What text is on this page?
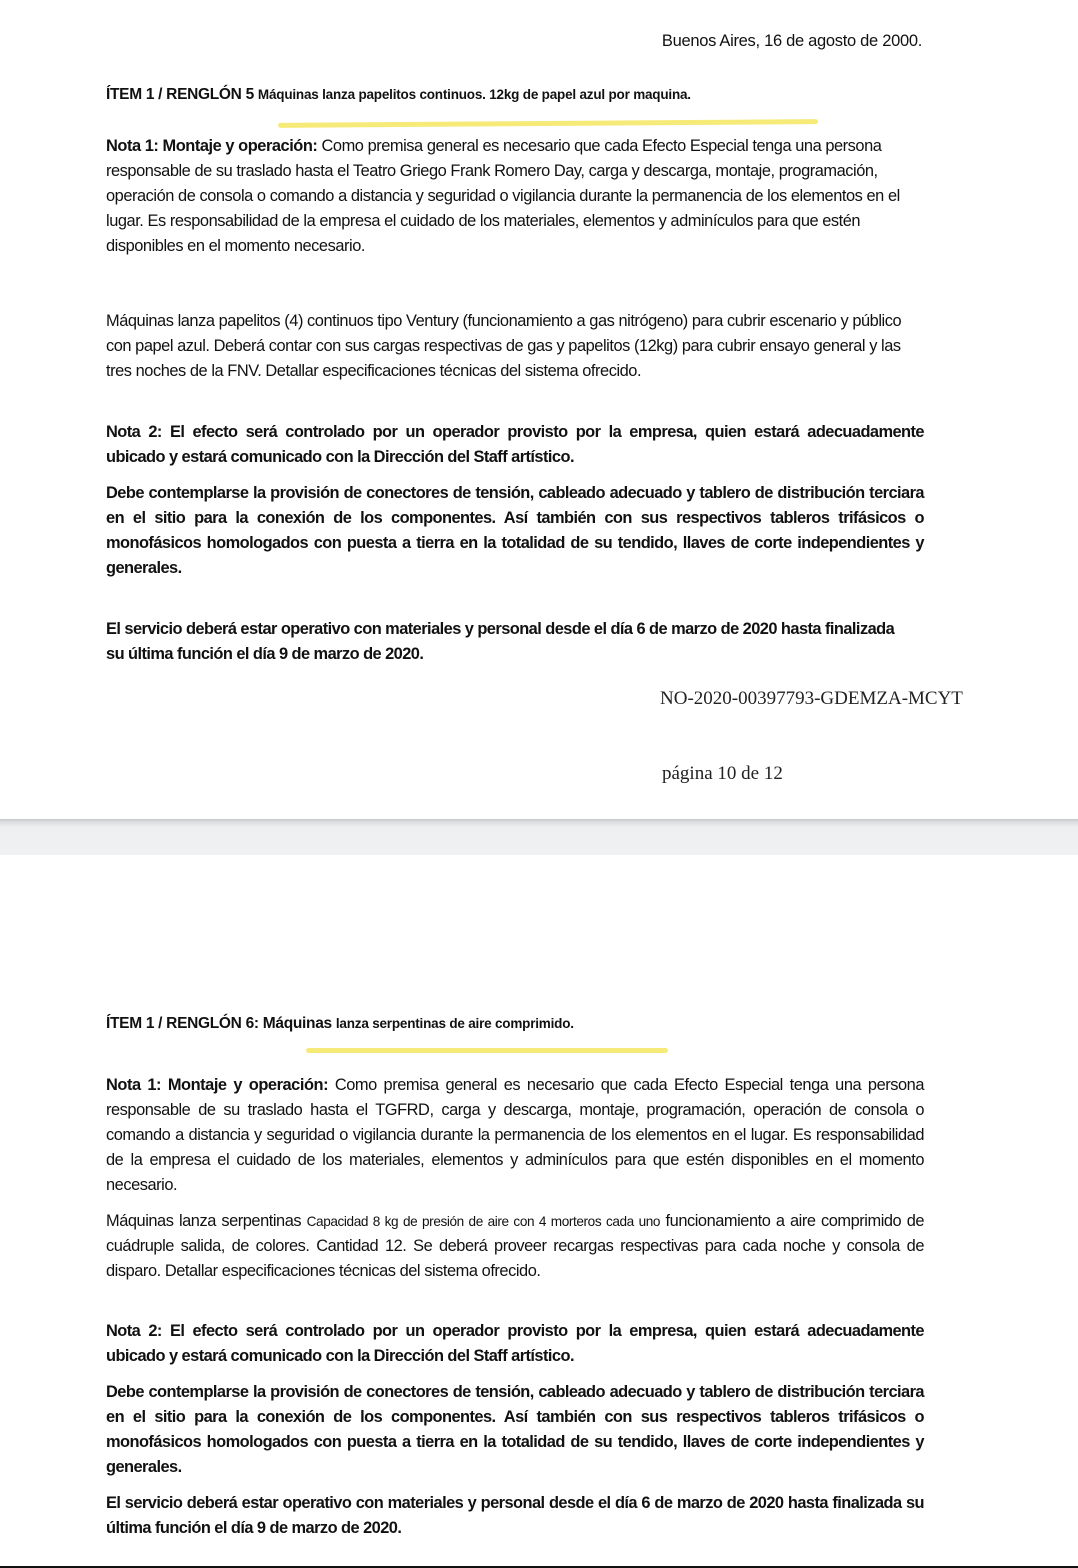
Buenos Aires, 16 de agosto de 2000.
ÍTEM 1 / RENGLÓN 5 Máquinas lanza papelitos continuos. 12kg de papel azul por maquina.
Nota 1: Montaje y operación: Como premisa general es necesario que cada Efecto Especial tenga una persona responsable de su traslado hasta el Teatro Griego Frank Romero Day, carga y descarga, montaje, programación, operación de consola o comando a distancia y seguridad o vigilancia durante la permanencia de los elementos en el lugar. Es responsabilidad de la empresa el cuidado de los materiales, elementos y adminículos para que estén disponibles en el momento necesario.
Máquinas lanza papelitos (4) continuos tipo Ventury (funcionamiento a gas nitrógeno) para cubrir escenario y público con papel azul. Deberá contar con sus cargas respectivas de gas y papelitos (12kg) para cubrir ensayo general y las tres noches de la FNV. Detallar especificaciones técnicas del sistema ofrecido.
Nota 2: El efecto será controlado por un operador provisto por la empresa, quien estará adecuadamente ubicado y estará comunicado con la Dirección del Staff artístico.
Debe contemplarse la provisión de conectores de tensión, cableado adecuado y tablero de distribución terciara en el sitio para la conexión de los componentes. Así también con sus respectivos tableros trifásicos o monofásicos homologados con puesta a tierra en la totalidad de su tendido, llaves de corte independientes y generales.
El servicio deberá estar operativo con materiales y personal desde el día 6 de marzo de 2020 hasta finalizada su última función el día 9 de marzo de 2020.
NO-2020-00397793-GDEMZA-MCYT
página 10 de 12
ÍTEM 1 / RENGLÓN 6: Máquinas lanza serpentinas de aire comprimido.
Nota 1: Montaje y operación: Como premisa general es necesario que cada Efecto Especial tenga una persona responsable de su traslado hasta el TGFRD, carga y descarga, montaje, programación, operación de consola o comando a distancia y seguridad o vigilancia durante la permanencia de los elementos en el lugar. Es responsabilidad de la empresa el cuidado de los materiales, elementos y adminículos para que estén disponibles en el momento necesario.
Máquinas lanza serpentinas Capacidad 8 kg de presión de aire con 4 morteros cada uno funcionamiento a aire comprimido de cuádruple salida, de colores. Cantidad 12. Se deberá proveer recargas respectivas para cada noche y consola de disparo. Detallar especificaciones técnicas del sistema ofrecido.
Nota 2: El efecto será controlado por un operador provisto por la empresa, quien estará adecuadamente ubicado y estará comunicado con la Dirección del Staff artístico.
Debe contemplarse la provisión de conectores de tensión, cableado adecuado y tablero de distribución terciara en el sitio para la conexión de los componentes. Así también con sus respectivos tableros trifásicos o monofásicos homologados con puesta a tierra en la totalidad de su tendido, llaves de corte independientes y generales.
El servicio deberá estar operativo con materiales y personal desde el día 6 de marzo de 2020 hasta finalizada su última función el día 9 de marzo de 2020.
